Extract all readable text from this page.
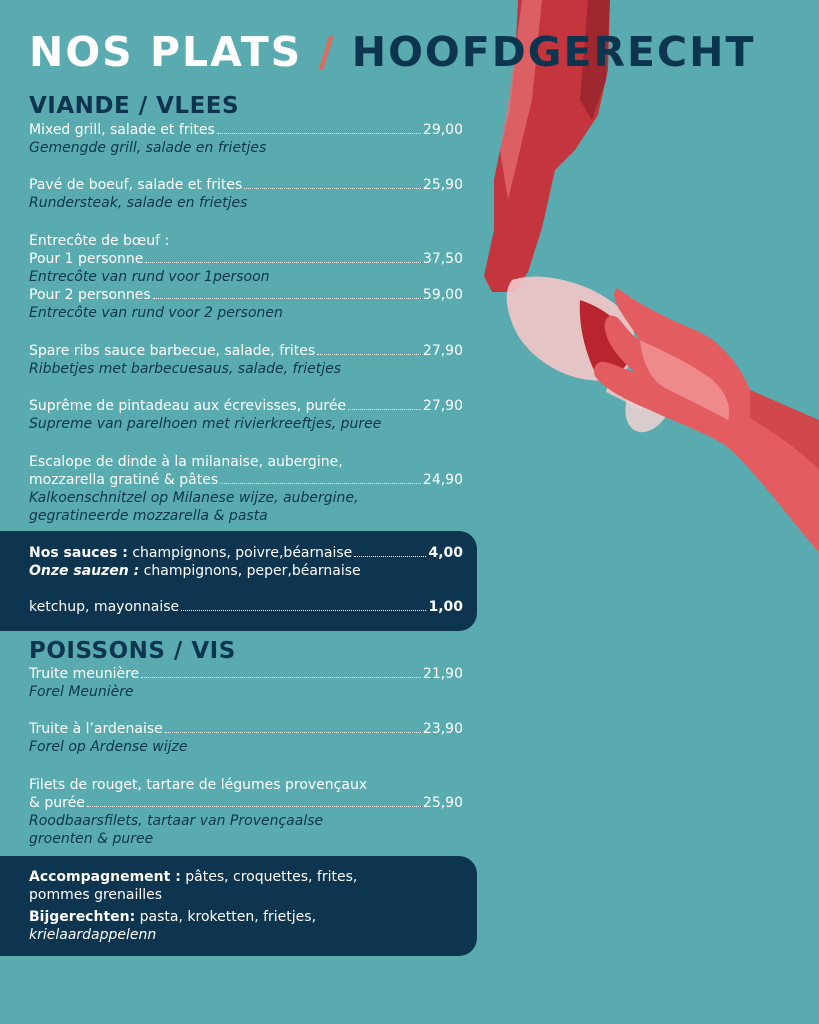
NOS PLATS / HOOFDGERECHT
VIANDE / VLEES
Mixed grill, salade et frites	29,00
Gemengde grill, salade en frietjes
Pavé de boeuf, salade et frites	25,90
Rundersteak, salade en frietjes
Entrecôte de bœuf :
Pour 1 personne	37,50
Entrecôte van rund voor 1persoon
Pour 2 personnes	59,00
Entrecôte van rund voor 2 personen
Spare ribs sauce barbecue, salade, frites	27,90
Ribbetjes met barbecuesaus, salade, frietjes
Suprême de pintadeau aux écrevisses, purée	27,90
Supreme van parelhoen met rivierkreeftjes, puree
Escalope de dinde à la milanaise, aubergine,
mozzarella gratiné & pâtes	24,90
Kalkoenschnitzel op Milanese wijze, aubergine,
gegratineerde mozzarella & pasta
Nos sauces : champignons, poivre,béarnaise	4,00
Onze sauzen : champignons, peper,béarnaise
ketchup, mayonnaise	1,00
POISSONS / VIS
Truite meunière	21,90
Forel Meunière
Truite à l’ardenaise	23,90
Forel op Ardense wijze
Filets de rouget, tartare de légumes provençaux
& purée	25,90
Roodbaarsfilets, tartaar van Provençaalse
groenten & puree
Accompagnement : pâtes, croquettes, frites,
pommes grenailles
Bijgerechten: pasta, kroketten, frietjes,
krielaardappelenn
